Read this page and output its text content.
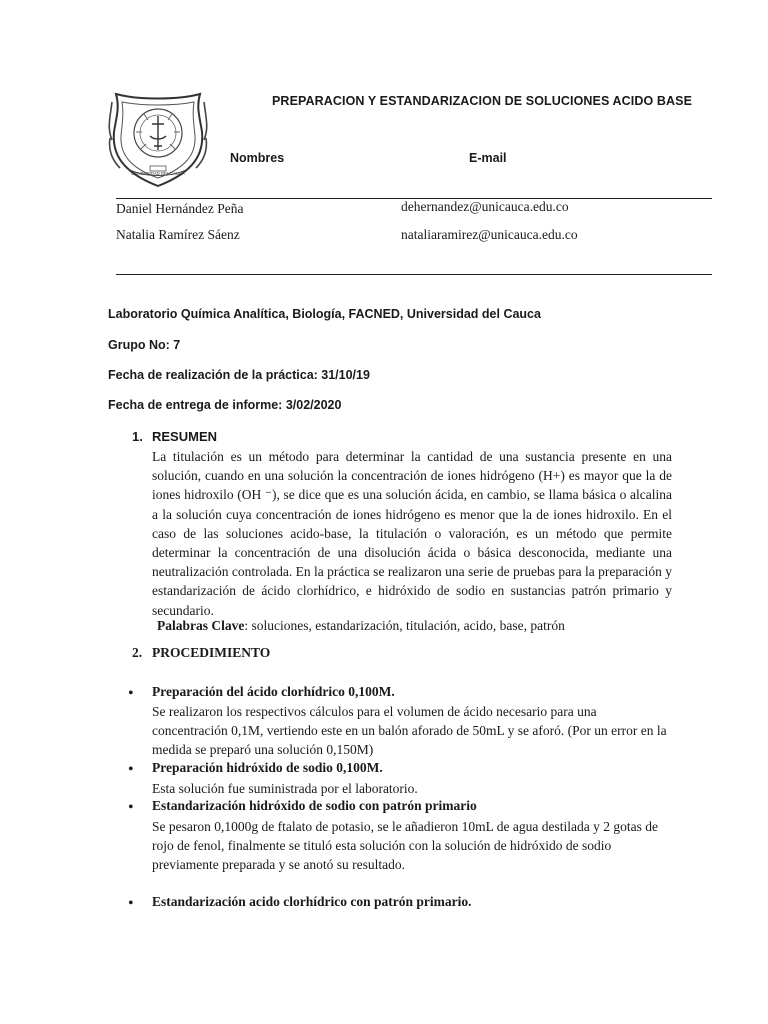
UNIVERSIDAD DEL CAUCA
PREPARACION Y ESTANDARIZACION DE SOLUCIONES ACIDO BASE
Nombres	E-mail
Daniel Hernández Peña	dehernandez@unicauca.edu.co
Natalia Ramírez Sáenz	nataliaramirez@unicauca.edu.co
Laboratorio Química Analítica, Biología, FACNED, Universidad del Cauca
Grupo No: 7
Fecha de realización de la práctica: 31/10/19
Fecha de entrega de informe: 3/02/2020
1. RESUMEN
La titulación es un método para determinar la cantidad de una sustancia presente en una solución, cuando en una solución la concentración de iones hidrógeno (H+) es mayor que la de iones hidroxilo (OH ⁻), se dice que es una solución ácida, en cambio, se llama básica o alcalina a la solución cuya concentración de iones hidrógeno es menor que la de iones hidroxilo. En el caso de las soluciones acido-base, la titulación o valoración, es un método que permite determinar la concentración de una disolución ácida o básica desconocida, mediante una neutralización controlada. En la práctica se realizaron una serie de pruebas para la preparación y estandarización de ácido clorhídrico, e hidróxido de sodio en sustancias patrón primario y secundario.
Palabras Clave: soluciones, estandarización, titulación, acido, base, patrón
2. PROCEDIMIENTO
• Preparación del ácido clorhídrico 0,100M.
Se realizaron los respectivos cálculos para el volumen de ácido necesario para una concentración 0,1M, vertiendo este en un balón aforado de 50mL y se aforó. (Por un error en la medida se preparó una solución 0,150M)
• Preparación hidróxido de sodio 0,100M.
Esta solución fue suministrada por el laboratorio.
• Estandarización hidróxido de sodio con patrón primario
Se pesaron 0,1000g de ftalato de potasio, se le añadieron 10mL de agua destilada y 2 gotas de rojo de fenol, finalmente se tituló esta solución con la solución de hidróxido de sodio previamente preparada y se anotó su resultado.
• Estandarización acido clorhídrico con patrón primario.
